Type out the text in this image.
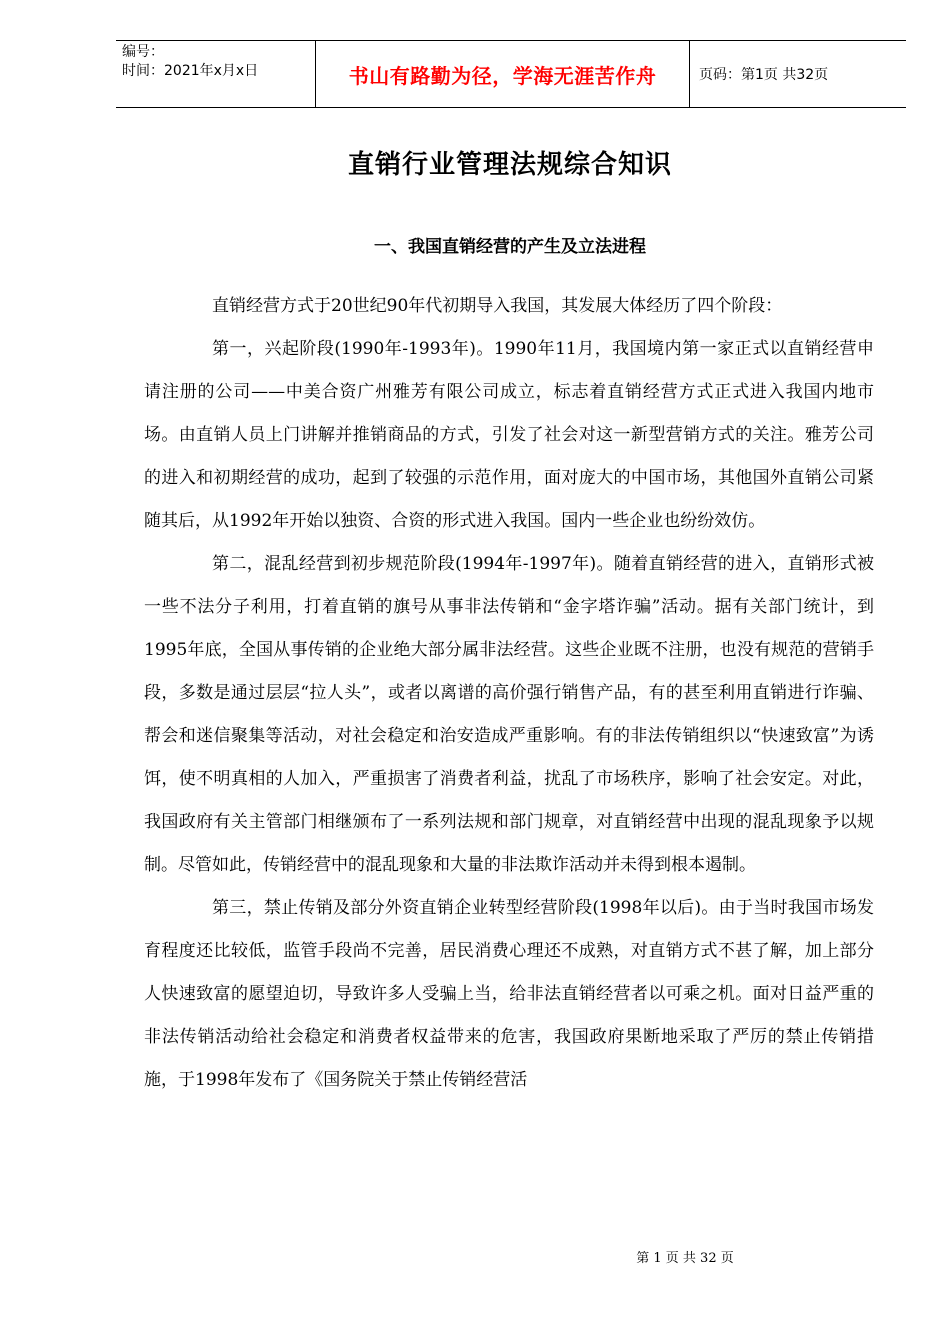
编号：
时间：2021年x月x日	书山有路勤为径，学海无涯苦作舟	页码：第1页 共32页
直销行业管理法规综合知识
一、我国直销经营的产生及立法进程

直销经营方式于20世纪90年代初期导入我国，其发展大体经历了四个阶段：

第一，兴起阶段(1990年-1993年)。1990年11月，我国境内第一家正式以直销经营申请注册的公司——中美合资广州雅芳有限公司成立，标志着直销经营方式正式进入我国内地市场。由直销人员上门讲解并推销商品的方式，引发了社会对这一新型营销方式的关注。雅芳公司的进入和初期经营的成功，起到了较强的示范作用，面对庞大的中国市场，其他国外直销公司紧随其后，从1992年开始以独资、合资的形式进入我国。国内一些企业也纷纷效仿。

第二，混乱经营到初步规范阶段(1994年-1997年)。随着直销经营的进入，直销形式被一些不法分子利用，打着直销的旗号从事非法传销和“金字塔诈骗”活动。据有关部门统计，到1995年底，全国从事传销的企业绝大部分属非法经营。这些企业既不注册，也没有规范的营销手段，多数是通过层层“拉人头”，或者以离谱的高价强行销售产品，有的甚至利用直销进行诈骗、帮会和迷信聚集等活动，对社会稳定和治安造成严重影响。有的非法传销组织以“快速致富”为诱饵，使不明真相的人加入，严重损害了消费者利益，扰乱了市场秩序，影响了社会安定。对此，我国政府有关主管部门相继颁布了一系列法规和部门规章，对直销经营中出现的混乱现象予以规制。尽管如此，传销经营中的混乱现象和大量的非法欺诈活动并未得到根本遏制。

第三，禁止传销及部分外资直销企业转型经营阶段(1998年以后)。由于当时我国市场发育程度还比较低，监管手段尚不完善，居民消费心理还不成熟，对直销方式不甚了解，加上部分人快速致富的愿望迫切，导致许多人受骗上当，给非法直销经营者以可乘之机。面对日益严重的非法传销活动给社会稳定和消费者权益带来的危害，我国政府果断地采取了严厉的禁止传销措施，于1998年发布了《国务院关于禁止传销经营活

第 1 页 共 32 页
